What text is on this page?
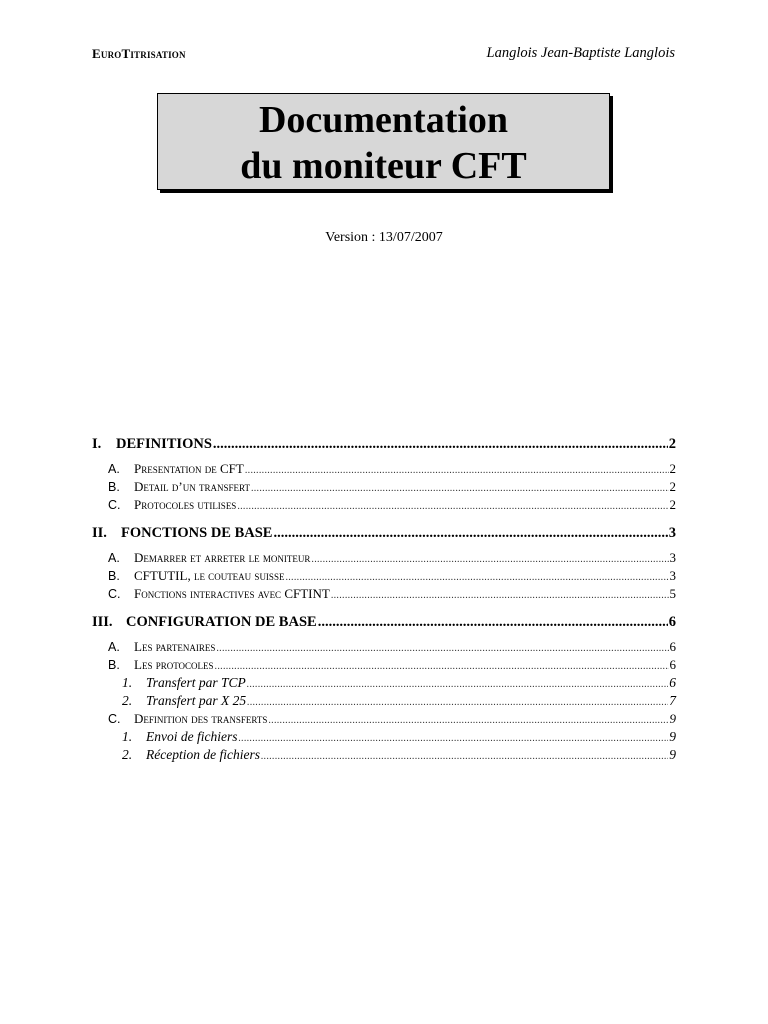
EuroTitrisation	Langlois Jean-Baptiste Langlois
Documentation
du moniteur CFT
Version : 13/07/2007
I. DEFINITIONS .....	2
A. Presentation de CFT .....	2
B. Detail d’un transfert .....	2
C. Protocoles utilises .....	2
II. FONCTIONS DE BASE .....	3
A. Demarrer et arreter le moniteur .....	3
B. CFTUTIL, le couteau suisse .....	3
C. Fonctions interactives avec CFTINT .....	5
III. CONFIGURATION DE BASE .....	6
A. Les partenaires .....	6
B. Les protocoles .....	6
1. Transfert par TCP .....	6
2. Transfert par X 25 .....	7
C. Definition des transferts .....	9
1. Envoi de fichiers .....	9
2. Réception de fichiers .....	9
